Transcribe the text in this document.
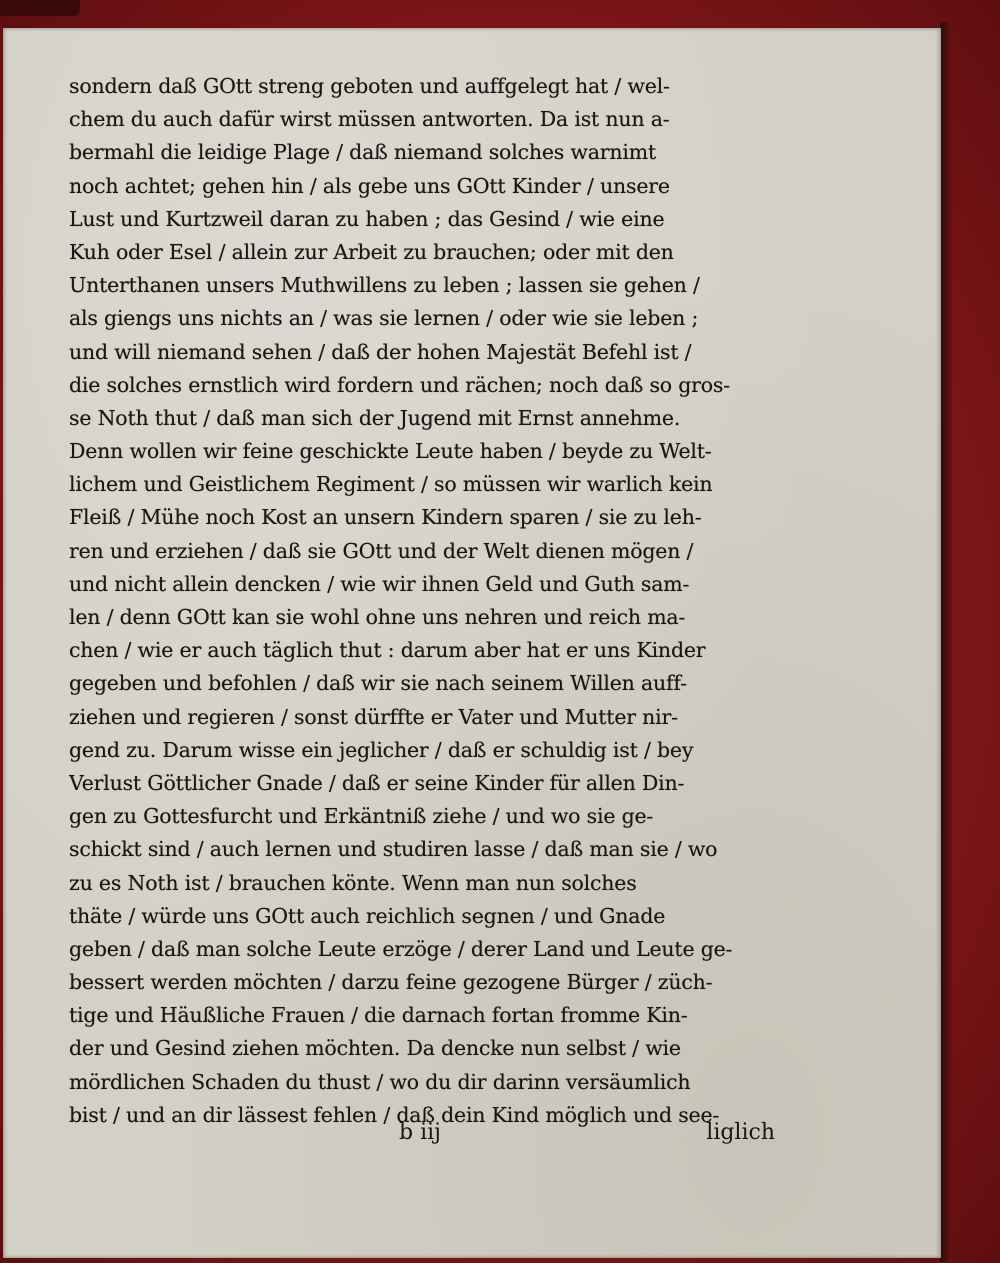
sondern daß GOtt streng geboten und auffgelegt hat / wel-
chem du auch dafür wirst müssen antworten. Da ist nun a-
bermahl die leidige Plage / daß niemand solches warnimt
noch achtet; gehen hin / als gebe uns GOtt Kinder / unsere
Lust und Kurtzweil daran zu haben ; das Gesind / wie eine
Kuh oder Esel / allein zur Arbeit zu brauchen; oder mit den
Unterthanen unsers Muthwillens zu leben ; lassen sie gehen /
als giengs uns nichts an / was sie lernen / oder wie sie leben ;
und will niemand sehen / daß der hohen Majestät Befehl ist /
die solches ernstlich wird fordern und rächen; noch daß so gros-
se Noth thut / daß man sich der Jugend mit Ernst annehme.
Denn wollen wir feine geschickte Leute haben / beyde zu Welt-
lichem und Geistlichem Regiment / so müssen wir warlich kein
Fleiß / Mühe noch Kost an unsern Kindern sparen / sie zu leh-
ren und erziehen / daß sie GOtt und der Welt dienen mögen /
und nicht allein dencken / wie wir ihnen Geld und Guth sam-
len / denn GOtt kan sie wohl ohne uns nehren und reich ma-
chen / wie er auch täglich thut : darum aber hat er uns Kinder
gegeben und befohlen / daß wir sie nach seinem Willen auff-
ziehen und regieren / sonst dürffte er Vater und Mutter nir-
gend zu. Darum wisse ein jeglicher / daß er schuldig ist / bey
Verlust Göttlicher Gnade / daß er seine Kinder für allen Din-
gen zu Gottesfurcht und Erkäntniß ziehe / und wo sie ge-
schickt sind / auch lernen und studiren lasse / daß man sie / wo
zu es Noth ist / brauchen könte. Wenn man nun solches
thäte / würde uns GOtt auch reichlich segnen / und Gnade
geben / daß man solche Leute erzöge / derer Land und Leute ge-
bessert werden möchten / darzu feine gezogene Bürger / züch-
tige und Häußliche Frauen / die darnach fortan fromme Kin-
der und Gesind ziehen möchten. Da dencke nun selbst / wie
mördlichen Schaden du thust / wo du dir darinn versäumlich
bist / und an dir lässest fehlen / daß dein Kind möglich und see-
b iij	liglich
